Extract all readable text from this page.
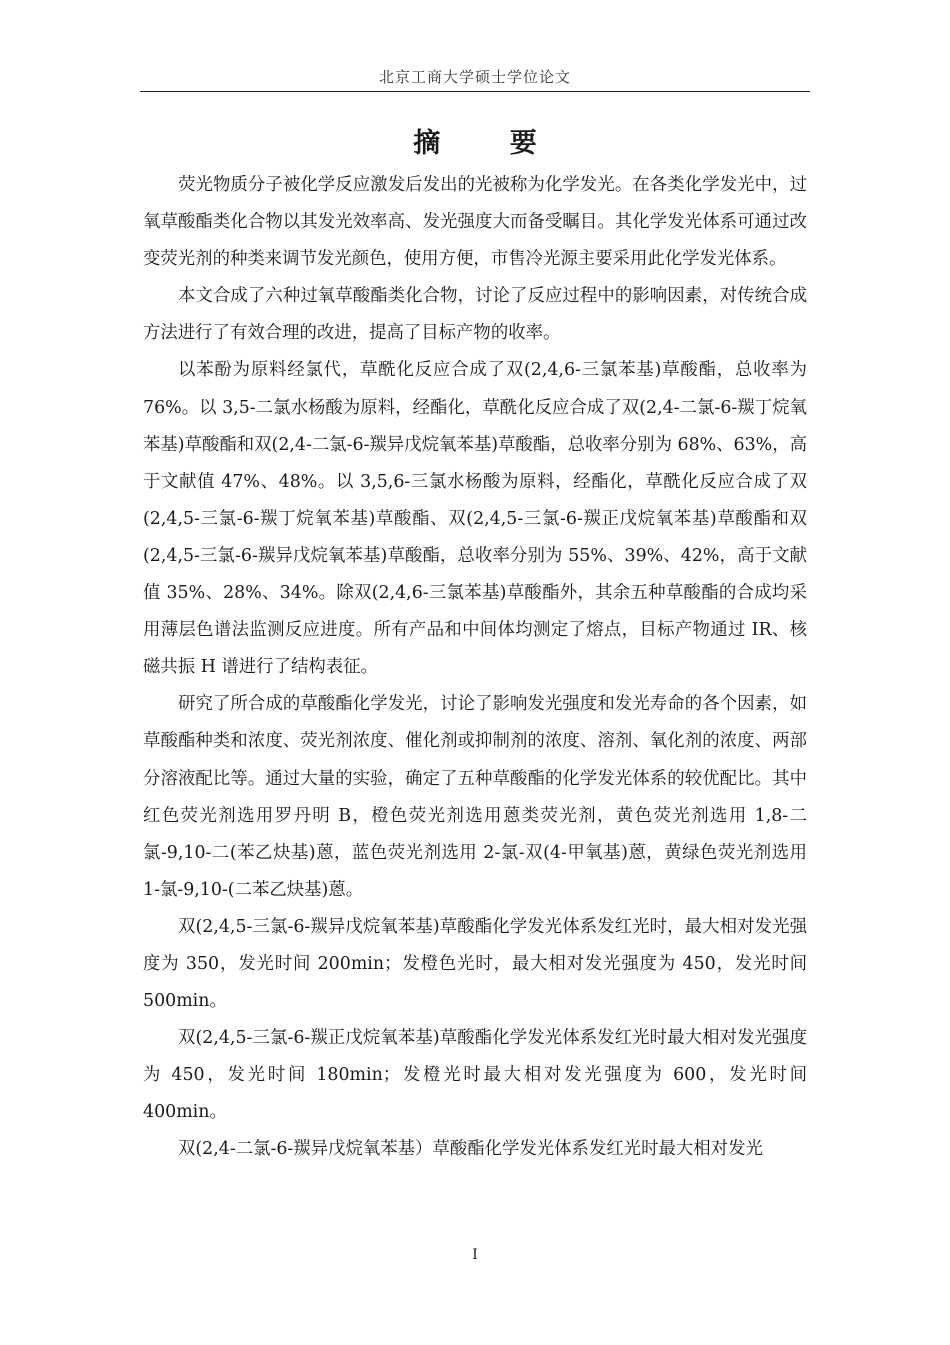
北京工商大学硕士学位论文
摘 要

荧光物质分子被化学反应激发后发出的光被称为化学发光。在各类化学发光中，过氧草酸酯类化合物以其发光效率高、发光强度大而备受瞩目。其化学发光体系可通过改变荧光剂的种类来调节发光颜色，使用方便，市售冷光源主要采用此化学发光体系。

本文合成了六种过氧草酸酯类化合物，讨论了反应过程中的影响因素，对传统合成方法进行了有效合理的改进，提高了目标产物的收率。

以苯酚为原料经氯代，草酰化反应合成了双(2,4,6-三氯苯基)草酸酯，总收率为 76%。以 3,5-二氯水杨酸为原料，经酯化，草酰化反应合成了双(2,4-二氯-6-羰丁烷氧苯基)草酸酯和双(2,4-二氯-6-羰异戊烷氧苯基)草酸酯，总收率分别为 68%、63%，高于文献值 47%、48%。以 3,5,6-三氯水杨酸为原料，经酯化，草酰化反应合成了双(2,4,5-三氯-6-羰丁烷氧苯基)草酸酯、双(2,4,5-三氯-6-羰正戊烷氧苯基)草酸酯和双(2,4,5-三氯-6-羰异戊烷氧苯基)草酸酯，总收率分别为 55%、39%、42%，高于文献值 35%、28%、34%。除双(2,4,6-三氯苯基)草酸酯外，其余五种草酸酯的合成均采用薄层色谱法监测反应进度。所有产品和中间体均测定了熔点，目标产物通过 IR、核磁共振 H 谱进行了结构表征。

研究了所合成的草酸酯化学发光，讨论了影响发光强度和发光寿命的各个因素，如草酸酯种类和浓度、荧光剂浓度、催化剂或抑制剂的浓度、溶剂、氧化剂的浓度、两部分溶液配比等。通过大量的实验，确定了五种草酸酯的化学发光体系的较优配比。其中红色荧光剂选用罗丹明 B，橙色荧光剂选用蒽类荧光剂，黄色荧光剂选用 1,8-二氯-9,10-二(苯乙炔基)蒽，蓝色荧光剂选用 2-氯-双(4-甲氧基)蒽，黄绿色荧光剂选用 1-氯-9,10-(二苯乙炔基)蒽。

双(2,4,5-三氯-6-羰异戊烷氧苯基)草酸酯化学发光体系发红光时，最大相对发光强度为 350，发光时间 200min；发橙色光时，最大相对发光强度为 450，发光时间 500min。

双(2,4,5-三氯-6-羰正戊烷氧苯基)草酸酯化学发光体系发红光时最大相对发光强度为 450，发光时间 180min；发橙光时最大相对发光强度为 600，发光时间 400min。

双(2,4-二氯-6-羰异戊烷氧苯基）草酸酯化学发光体系发红光时最大相对发光

I
